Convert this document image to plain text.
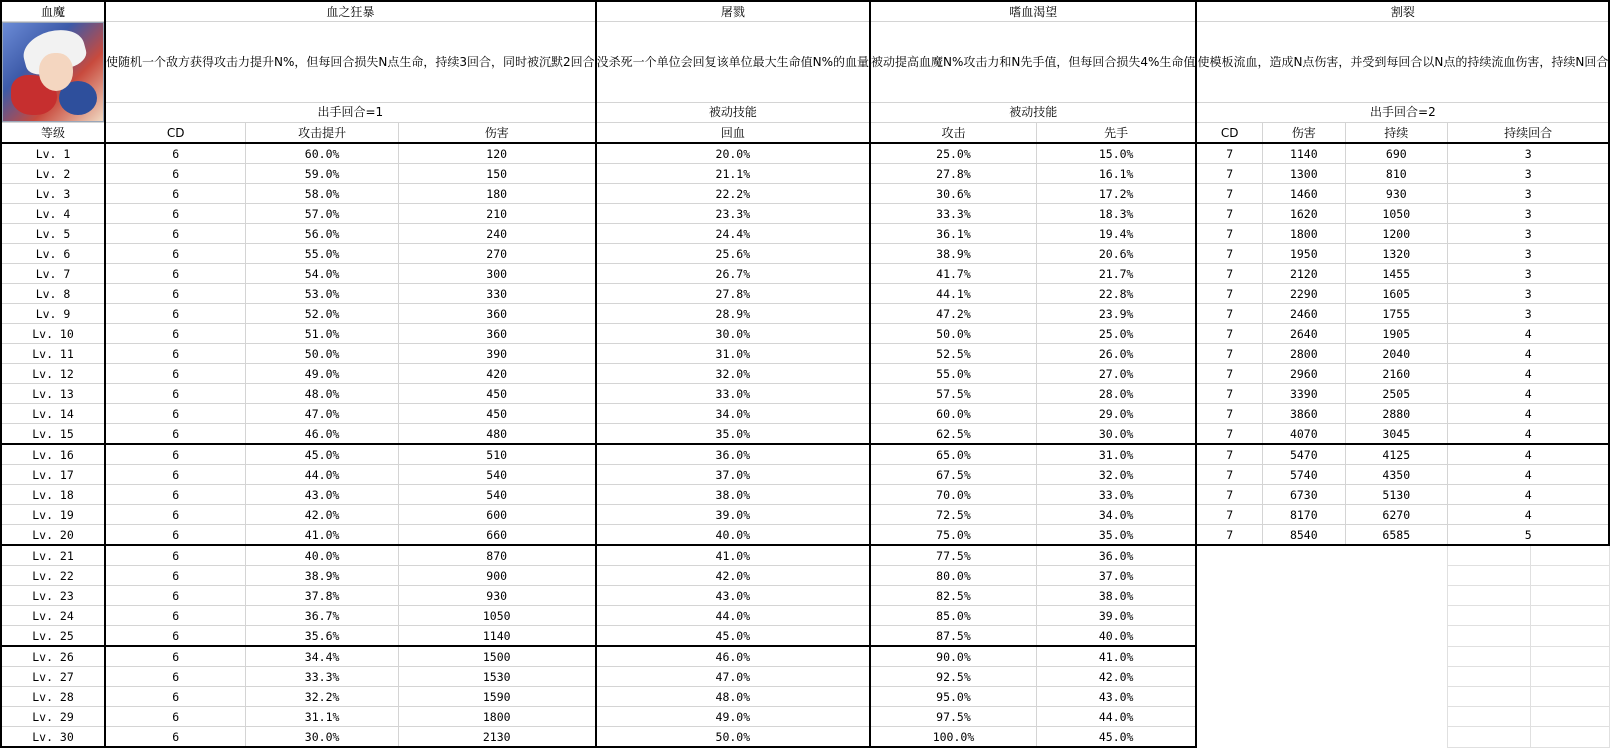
血魔	血之狂暴			屠戮	嗜血渴望		割裂				

	使随机一个敌方获得攻击力提升N%，但每回合损失N点生命，持续3回合，同时被沉默2回合			没杀死一个单位会回复该单位最大生命值N%的血量	被动提高血魔N%攻击力和N先手值，但每回合损失4%生命值		使模板流血，造成N点伤害，并受到每回合以N点的持续流血伤害，持续N回合				
	出手回合=1			被动技能	被动技能		出手回合=2				
等级	CD	攻击提升	伤害	回血	攻击	先手	CD	伤害	持续	持续回合	
Lv. 1	6	60.0%	120	20.0%	25.0%	15.0%	7	1140	690	3	
Lv. 2	6	59.0%	150	21.1%	27.8%	16.1%	7	1300	810	3	
Lv. 3	6	58.0%	180	22.2%	30.6%	17.2%	7	1460	930	3	
Lv. 4	6	57.0%	210	23.3%	33.3%	18.3%	7	1620	1050	3	
Lv. 5	6	56.0%	240	24.4%	36.1%	19.4%	7	1800	1200	3	
Lv. 6	6	55.0%	270	25.6%	38.9%	20.6%	7	1950	1320	3	
Lv. 7	6	54.0%	300	26.7%	41.7%	21.7%	7	2120	1455	3	
Lv. 8	6	53.0%	330	27.8%	44.1%	22.8%	7	2290	1605	3	
Lv. 9	6	52.0%	360	28.9%	47.2%	23.9%	7	2460	1755	3	
Lv. 10	6	51.0%	360	30.0%	50.0%	25.0%	7	2640	1905	4	
Lv. 11	6	50.0%	390	31.0%	52.5%	26.0%	7	2800	2040	4	
Lv. 12	6	49.0%	420	32.0%	55.0%	27.0%	7	2960	2160	4	
Lv. 13	6	48.0%	450	33.0%	57.5%	28.0%	7	3390	2505	4	
Lv. 14	6	47.0%	450	34.0%	60.0%	29.0%	7	3860	2880	4	
Lv. 15	6	46.0%	480	35.0%	62.5%	30.0%	7	4070	3045	4	
Lv. 16	6	45.0%	510	36.0%	65.0%	31.0%	7	5470	4125	4	
Lv. 17	6	44.0%	540	37.0%	67.5%	32.0%	7	5740	4350	4	
Lv. 18	6	43.0%	540	38.0%	70.0%	33.0%	7	6730	5130	4	
Lv. 19	6	42.0%	600	39.0%	72.5%	34.0%	7	8170	6270	4	
Lv. 20	6	41.0%	660	40.0%	75.0%	35.0%	7	8540	6585	5	
Lv. 21	6	40.0%	870	41.0%	77.5%	36.0%					
Lv. 22	6	38.9%	900	42.0%	80.0%	37.0%					
Lv. 23	6	37.8%	930	43.0%	82.5%	38.0%					
Lv. 24	6	36.7%	1050	44.0%	85.0%	39.0%					
Lv. 25	6	35.6%	1140	45.0%	87.5%	40.0%					
Lv. 26	6	34.4%	1500	46.0%	90.0%	41.0%					
Lv. 27	6	33.3%	1530	47.0%	92.5%	42.0%					
Lv. 28	6	32.2%	1590	48.0%	95.0%	43.0%					
Lv. 29	6	31.1%	1800	49.0%	97.5%	44.0%					
Lv. 30	6	30.0%	2130	50.0%	100.0%	45.0%					
